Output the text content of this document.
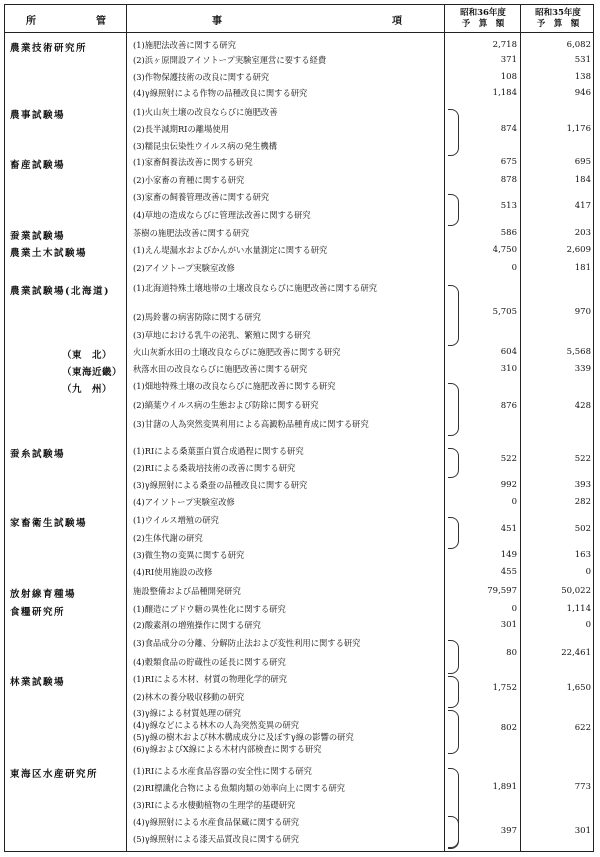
所　　　　管	事	項
昭和36年度
予　算　額
昭和35年度
予　算　額
農業技術研究所	(1)施肥法改善に関する研究	2,718	6,082
(2)浜ヶ原開設アイソトープ実験室運営に要する経費	371	531
(3)作物保護技術の改良に関する研究	108	138
(4)γ線照射による作物の品種改良に関する研究	1,184	946
農事試験場	(1)火山灰土壌の改良ならびに施肥改善
(2)長半減期RIの離場使用
(3)糯昆虫伝染性ウイルス病の発生機構
874	1,176
畜産試験場	(1)家畜飼養法改善に関する研究	675	695
(2)小家畜の育種に関する研究	878	184
(3)家畜の飼養管理改善に関する研究
(4)草地の造成ならびに管理法改善に関する研究
513	417
蚕業試験場	茶樹の施肥法改善に関する研究	586	203
農業土木試験場	(1)えん堤漏水およびかんがい水量測定に関する研究	4,750	2,609
(2)アイソトープ実験室改修	0	181
農業試験場(北海道)	(1)北海道特殊土壌地帯の土壌改良ならびに施肥改善に関する研究
(2)馬鈴薯の病害防除に関する研究
(3)草地における乳牛の泌乳、繁殖に関する研究
5,705	970
（東　北）	火山灰新水田の土壌改良ならびに施肥改善に関する研究	604	5,568
（東海近畿）	秋落水田の改良ならびに施肥改善に関する研究	310	339
（九　州）	(1)畑地特殊土壌の改良ならびに施肥改善に関する研究
(2)縞葉ウイルス病の生態および防除に関する研究
(3)甘藷の人為突然変異利用による高澱粉品種育成に関する研究
876	428
蚕糸試験場	(1)RIによる桑葉蛋白質合成過程に関する研究
(2)RIによる桑栽培技術の改善に関する研究
522	522
(3)γ線照射による桑蚕の品種改良に関する研究	992	393
(4)アイソトープ実験室改修	0	282
家畜衛生試験場	(1)ウイルス増殖の研究
(2)生体代謝の研究
451	502
(3)微生物の変異に関する研究	149	163
(4)RI使用施設の改修	455	0
放射線育種場	施設整備および品種開発研究	79,597	50,022
食糧研究所	(1)醸造にブドウ糖の異性化に関する研究	0	1,114
(2)酸素剤の増殖操作に関する研究	301	0
(3)食品成分の分離、分解防止法および変性利用に関する研究
(4)穀類食品の貯蔵性の延長に関する研究
80	22,461
林業試験場	(1)RIによる木材、材質の物理化学的研究
(2)林木の養分吸収移動の研究
1,752	1,650
(3)γ線による材質処理の研究
(4)γ線などによる林木の人為突然変異の研究
(5)γ線の樹木および林木構成成分に及ぼすγ線の影響の研究
(6)γ線およびX線による木材内部検査に関する研究
802	622
東海区水産研究所	(1)RIによる水産食品容器の安全性に関する研究
(2)RI標識化合物による魚類肉類の効率向上に関する研究
(3)RIによる水棲動植物の生理学的基礎研究
(4)γ線照射による水産食品保蔵に関する研究
(5)γ線照射による漆天品質改良に関する研究
1,891	773
397	301
